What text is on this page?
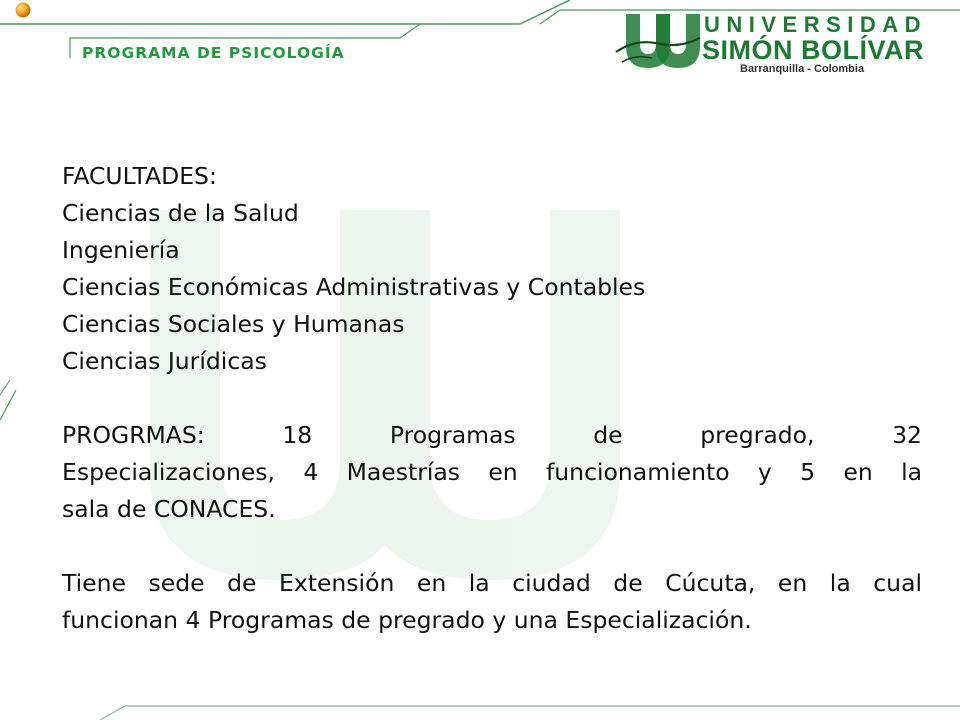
PROGRAMA DE PSICOLOGÍA
UNIVERSIDAD
SIMÓN BOLÍVAR
Barranquilla - Colombia

FACULTADES:

Ciencias de la Salud

Ingeniería

Ciencias Económicas Administrativas y Contables

Ciencias Sociales y Humanas

Ciencias Jurídicas

PROGRMAS: 18 Programas de pregrado, 32

Especializaciones, 4 Maestrías en funcionamiento y 5 en la

sala de CONACES.

Tiene sede de Extensión en la ciudad de Cúcuta, en la cual

funcionan 4 Programas de pregrado y una Especialización.
